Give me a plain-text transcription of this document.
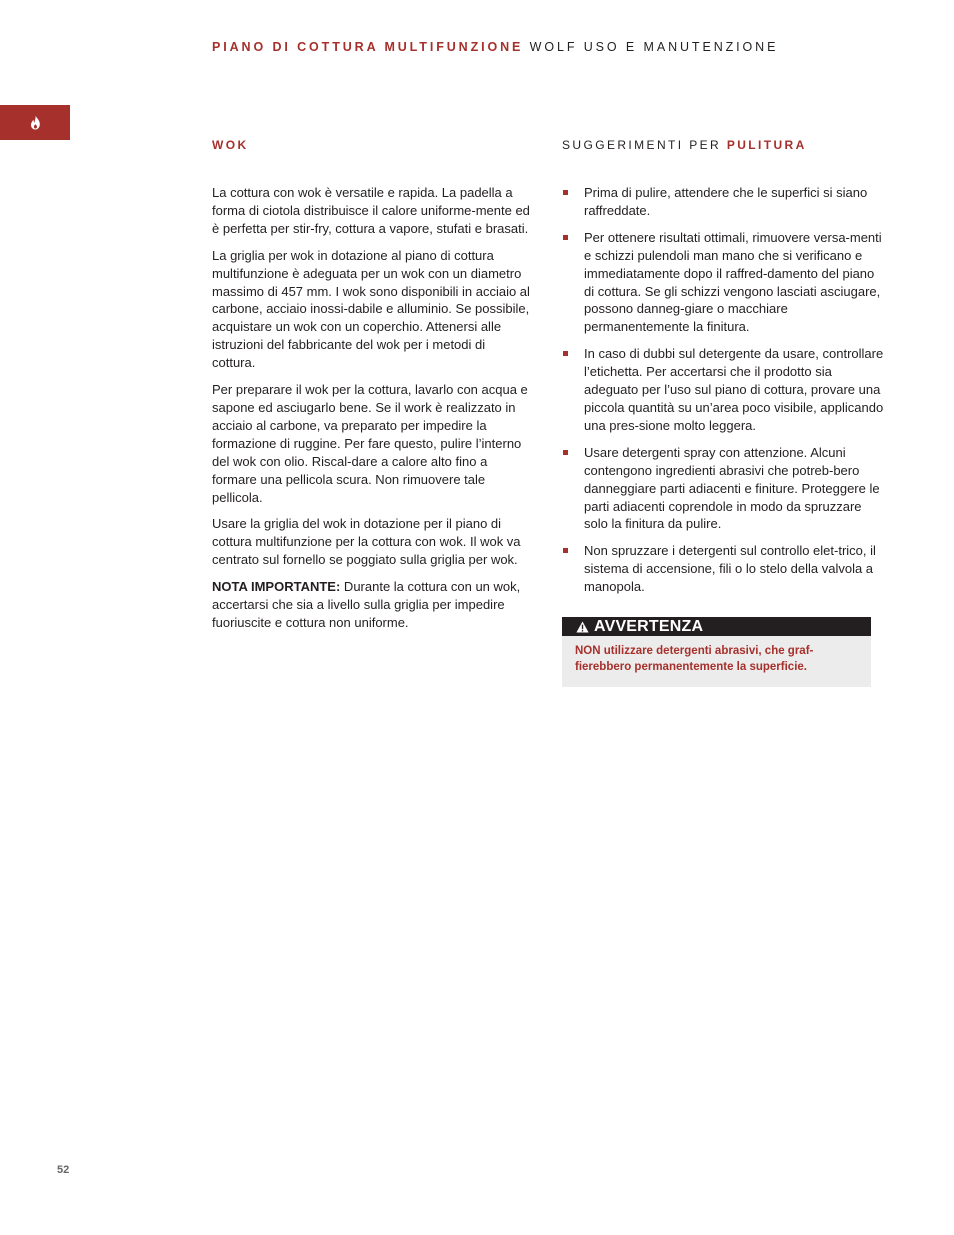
PIANO DI COTTURA MULTIFUNZIONE WOLF USO E MANUTENZIONE
WOK

La cottura con wok è versatile e rapida. La padella a forma di ciotola distribuisce il calore uniforme-mente ed è perfetta per stir-fry, cottura a vapore, stufati e brasati.

La griglia per wok in dotazione al piano di cottura multifunzione è adeguata per un wok con un diametro massimo di 457 mm. I wok sono disponibili in acciaio al carbone, acciaio inossi-dabile e alluminio. Se possibile, acquistare un wok con un coperchio. Attenersi alle istruzioni del fabbricante del wok per i metodi di cottura.

Per preparare il wok per la cottura, lavarlo con acqua e sapone ed asciugarlo bene. Se il work è realizzato in acciaio al carbone, va preparato per impedire la formazione di ruggine. Per fare questo, pulire l’interno del wok con olio. Riscal-dare a calore alto fino a formare una pellicola scura. Non rimuovere tale pellicola.

Usare la griglia del wok in dotazione per il piano di cottura multifunzione per la cottura con wok. Il wok va centrato sul fornello se poggiato sulla griglia per wok.

NOTA IMPORTANTE: Durante la cottura con un wok, accertarsi che sia a livello sulla griglia per impedire fuoriuscite e cottura non uniforme.

SUGGERIMENTI PER PULITURA
Prima di pulire, attendere che le superfici si siano raffreddate.
Per ottenere risultati ottimali, rimuovere versa-menti e schizzi pulendoli man mano che si verificano e immediatamente dopo il raffred-damento del piano di cottura. Se gli schizzi vengono lasciati asciugare, possono danneg-giare o macchiare permanentemente la finitura.
In caso di dubbi sul detergente da usare, controllare l’etichetta. Per accertarsi che il prodotto sia adeguato per l’uso sul piano di cottura, provare una piccola quantità su un’area poco visibile, applicando una pres-sione molto leggera.
Usare detergenti spray con attenzione. Alcuni contengono ingredienti abrasivi che potreb-bero danneggiare parti adiacenti e finiture. Proteggere le parti adiacenti coprendole in modo da spruzzare solo la finitura da pulire.
Non spruzzare i detergenti sul controllo elet-trico, il sistema di accensione, fili o lo stelo della valvola a manopola.
AVVERTENZA
NON utilizzare detergenti abrasivi, che graf-fierebbero permanentemente la superficie.
52
